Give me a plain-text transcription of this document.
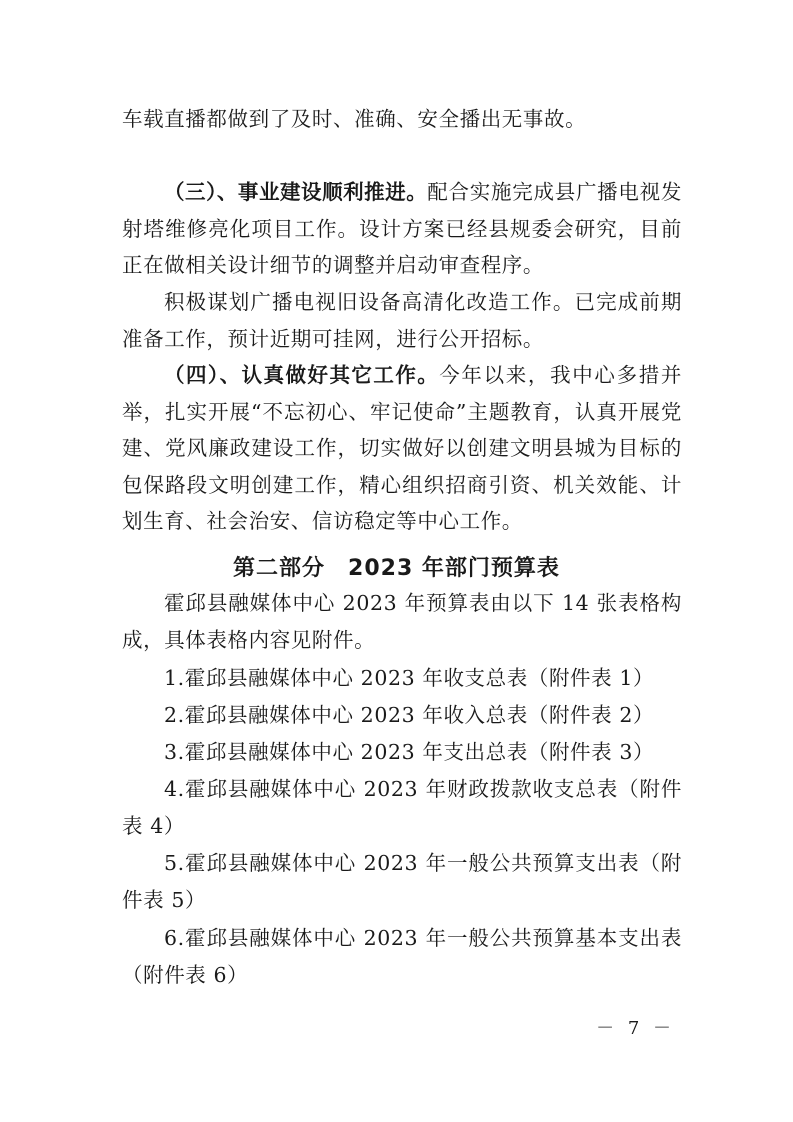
车载直播都做到了及时、准确、安全播出无事故。
（三）、事业建设顺利推进。配合实施完成县广播电视发射塔维修亮化项目工作。设计方案已经县规委会研究，目前正在做相关设计细节的调整并启动审查程序。
积极谋划广播电视旧设备高清化改造工作。已完成前期准备工作，预计近期可挂网，进行公开招标。
（四）、认真做好其它工作。今年以来，我中心多措并举，扎实开展“不忘初心、牢记使命”主题教育，认真开展党建、党风廉政建设工作，切实做好以创建文明县城为目标的包保路段文明创建工作，精心组织招商引资、机关效能、计划生育、社会治安、信访稳定等中心工作。
第二部分　2023 年部门预算表
霍邱县融媒体中心 2023 年预算表由以下 14 张表格构成，具体表格内容见附件。
1.霍邱县融媒体中心 2023 年收支总表（附件表 1）
2.霍邱县融媒体中心 2023 年收入总表（附件表 2）
3.霍邱县融媒体中心 2023 年支出总表（附件表 3）
4.霍邱县融媒体中心 2023 年财政拨款收支总表（附件表 4）
5.霍邱县融媒体中心 2023 年一般公共预算支出表（附件表 5）
6.霍邱县融媒体中心 2023 年一般公共预算基本支出表（附件表 6）
－ 7 －
